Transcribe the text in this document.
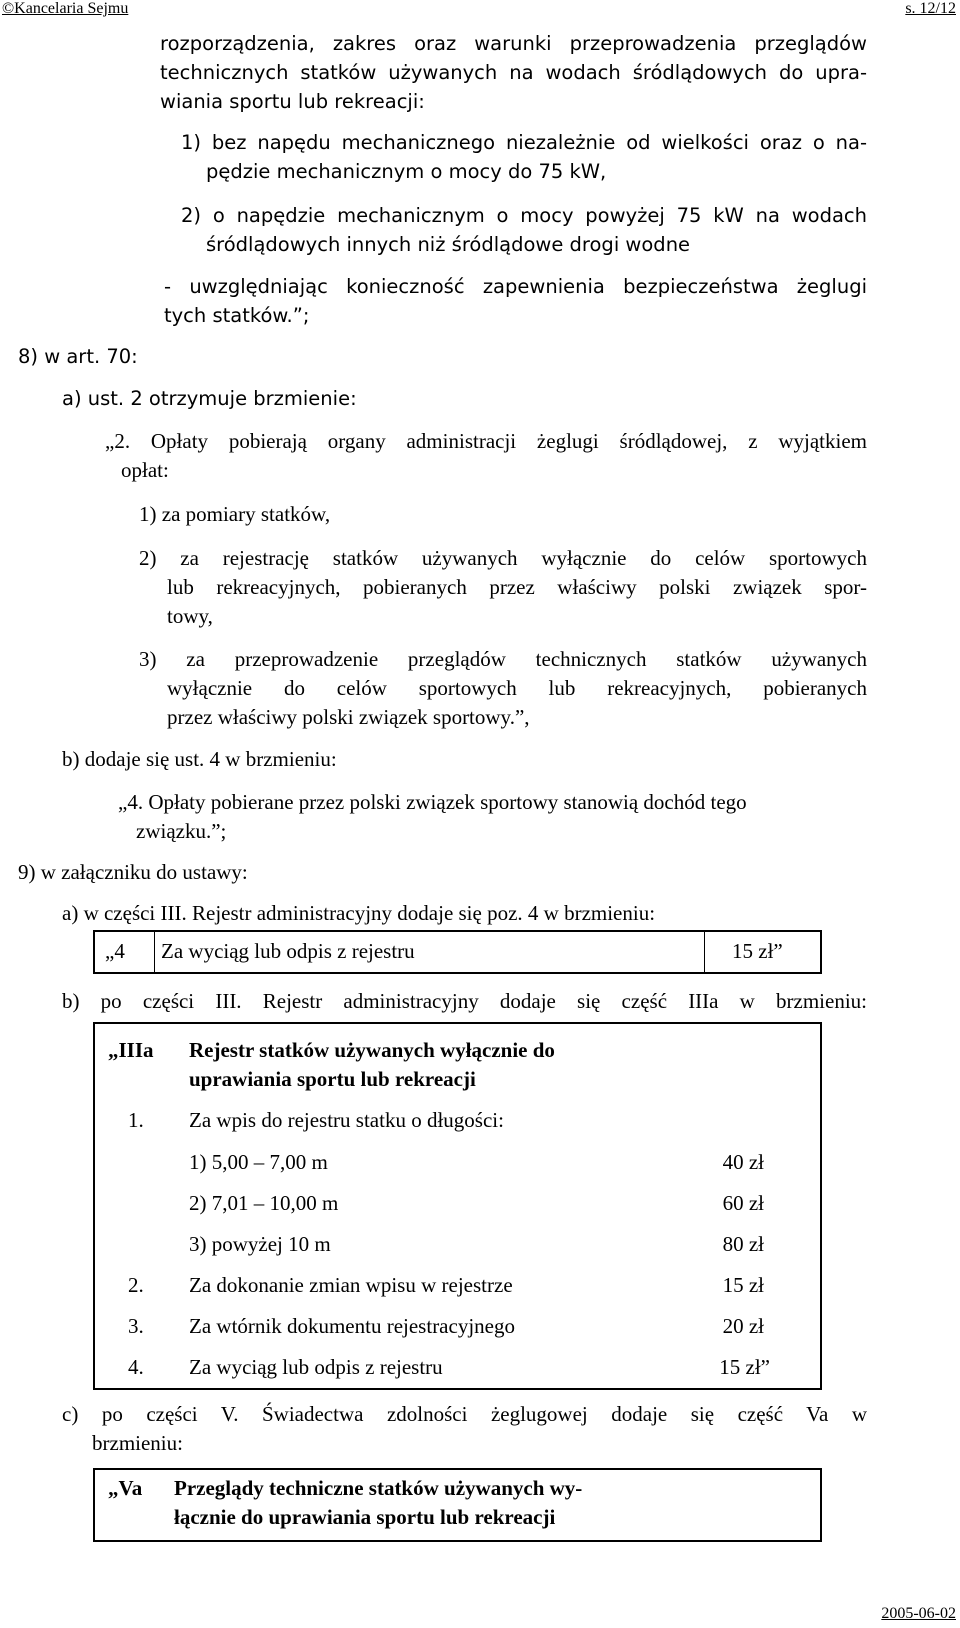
©Kancelaria Sejmu	s. 12/12
rozporządzenia, zakres oraz warunki przeprowadzenia przeglądów
technicznych statków używanych na wodach śródlądowych do upra-
wiania sportu lub rekreacji:
1) bez napędu mechanicznego niezależnie od wielkości oraz o na-
pędzie mechanicznym o mocy do 75 kW,
2) o napędzie mechanicznym o mocy powyżej 75 kW na wodach
śródlądowych innych niż śródlądowe drogi wodne
- uwzględniając konieczność zapewnienia bezpieczeństwa żeglugi
tych statków.”;
8) w art. 70:
a) ust. 2 otrzymuje brzmienie:
„2. Opłaty pobierają organy administracji żeglugi śródlądowej, z wyjątkiem
opłat:
1) za pomiary statków,
2) za rejestrację statków używanych wyłącznie do celów sportowych
lub rekreacyjnych, pobieranych przez właściwy polski związek spor-
towy,
3) za przeprowadzenie przeglądów technicznych statków używanych
wyłącznie do celów sportowych lub rekreacyjnych, pobieranych
przez właściwy polski związek sportowy.”,
b) dodaje się ust. 4 w brzmieniu:
„4. Opłaty pobierane przez polski związek sportowy stanowią dochód tego
związku.”;
9) w załączniku do ustawy:
a) w części III. Rejestr administracyjny dodaje się poz. 4 w brzmieniu:
„4 Za wyciąg lub odpis z rejestru	15 zł”
b) po części III. Rejestr administracyjny dodaje się część IIIa w brzmieniu:
„IIIa Rejestr statków używanych wyłącznie do
uprawiania sportu lub rekreacji
1. Za wpis do rejestru statku o długości:
1) 5,00 – 7,00 m	40 zł
2) 7,01 – 10,00 m	60 zł
3) powyżej 10 m	80 zł
2. Za dokonanie zmian wpisu w rejestrze	15 zł
3. Za wtórnik dokumentu rejestracyjnego	20 zł
4. Za wyciąg lub odpis z rejestru	15 zł”
c) po części V. Świadectwa zdolności żeglugowej dodaje się część Va w
brzmieniu:
„Va Przeglądy techniczne statków używanych wy-
łącznie do uprawiania sportu lub rekreacji
2005-06-02
